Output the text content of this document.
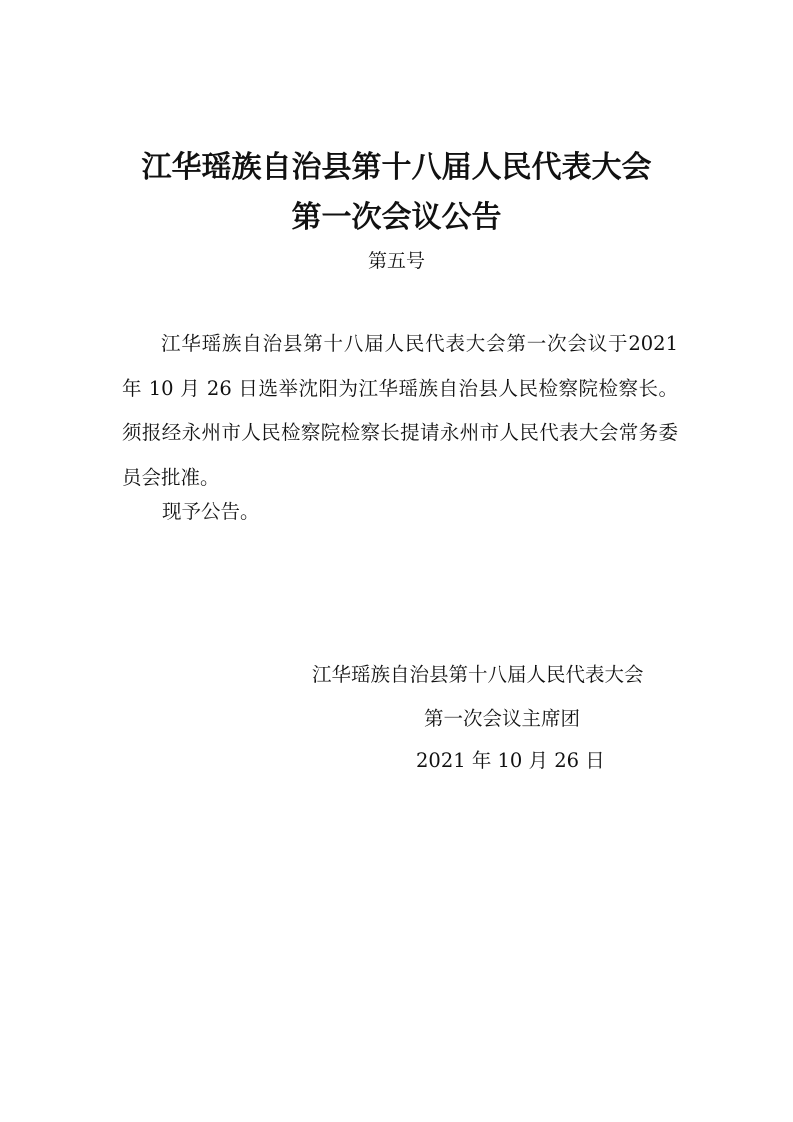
江华瑶族自治县第十八届人民代表大会
第一次会议公告
第五号

江华瑶族自治县第十八届人民代表大会第一次会议于2021 年 10 月 26 日选举沈阳为江华瑶族自治县人民检察院检察长。须报经永州市人民检察院检察长提请永州市人民代表大会常务委员会批准。

现予公告。
江华瑶族自治县第十八届人民代表大会
第一次会议主席团
2021 年 10 月 26 日
